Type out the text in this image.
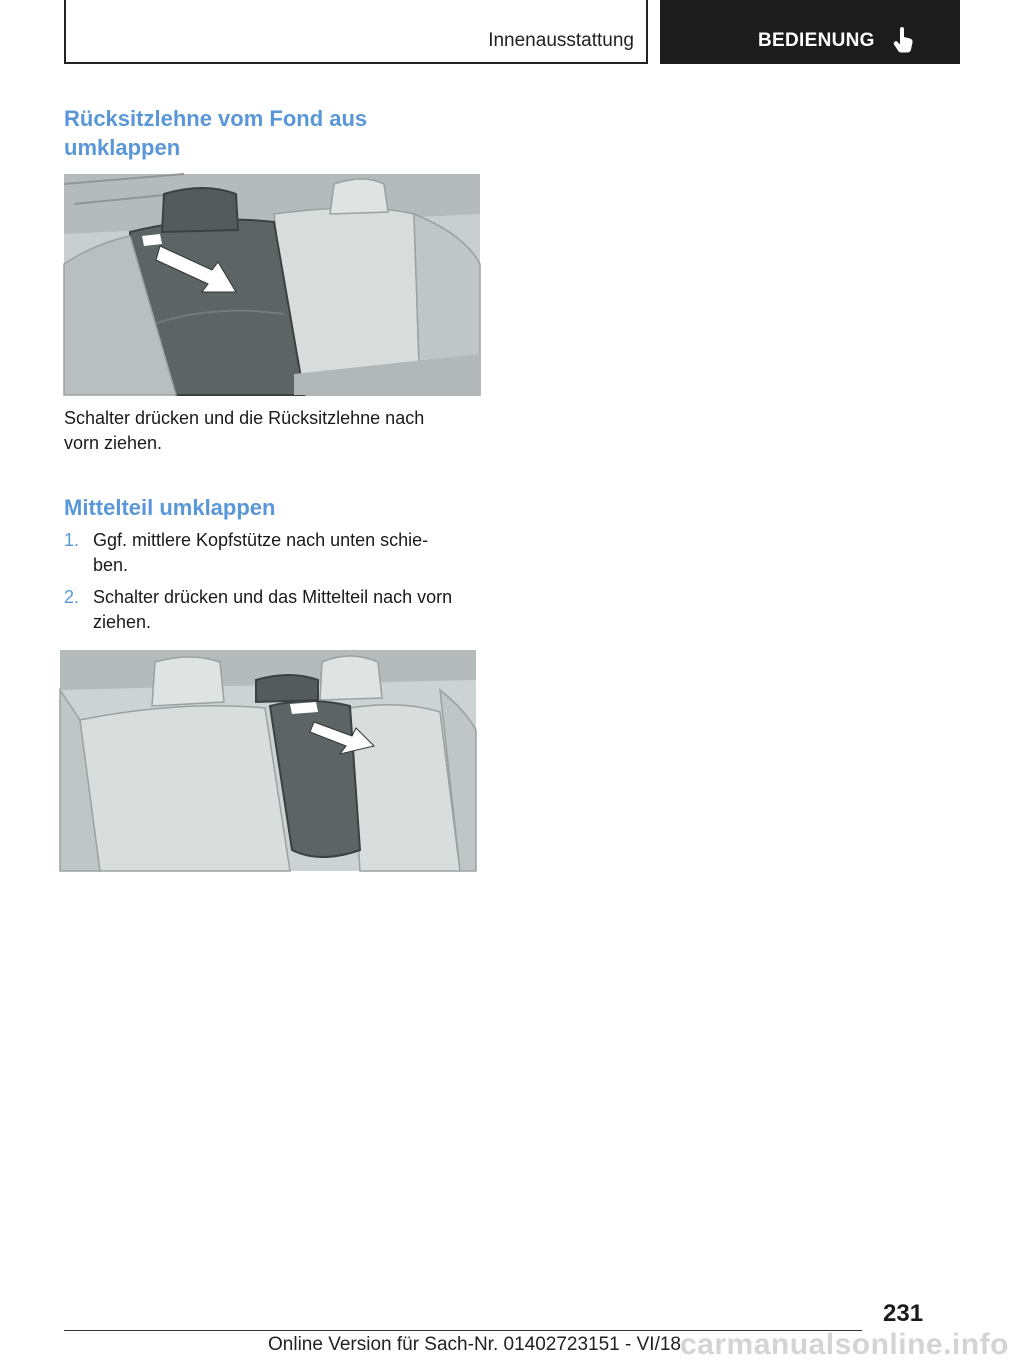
Innenausstattung	BEDIENUNG
Rücksitzlehne vom Fond aus
umklappen

Schalter drücken und die Rücksitzlehne nach
vorn ziehen.

Mittelteil umklappen
1. Ggf. mittlere Kopfstütze nach unten schie-
ben.

2. Schalter drücken und das Mittelteil nach vorn
ziehen.

231
Online Version für Sach-Nr. 01402723151 - VI/18 carmanualsonline.info
